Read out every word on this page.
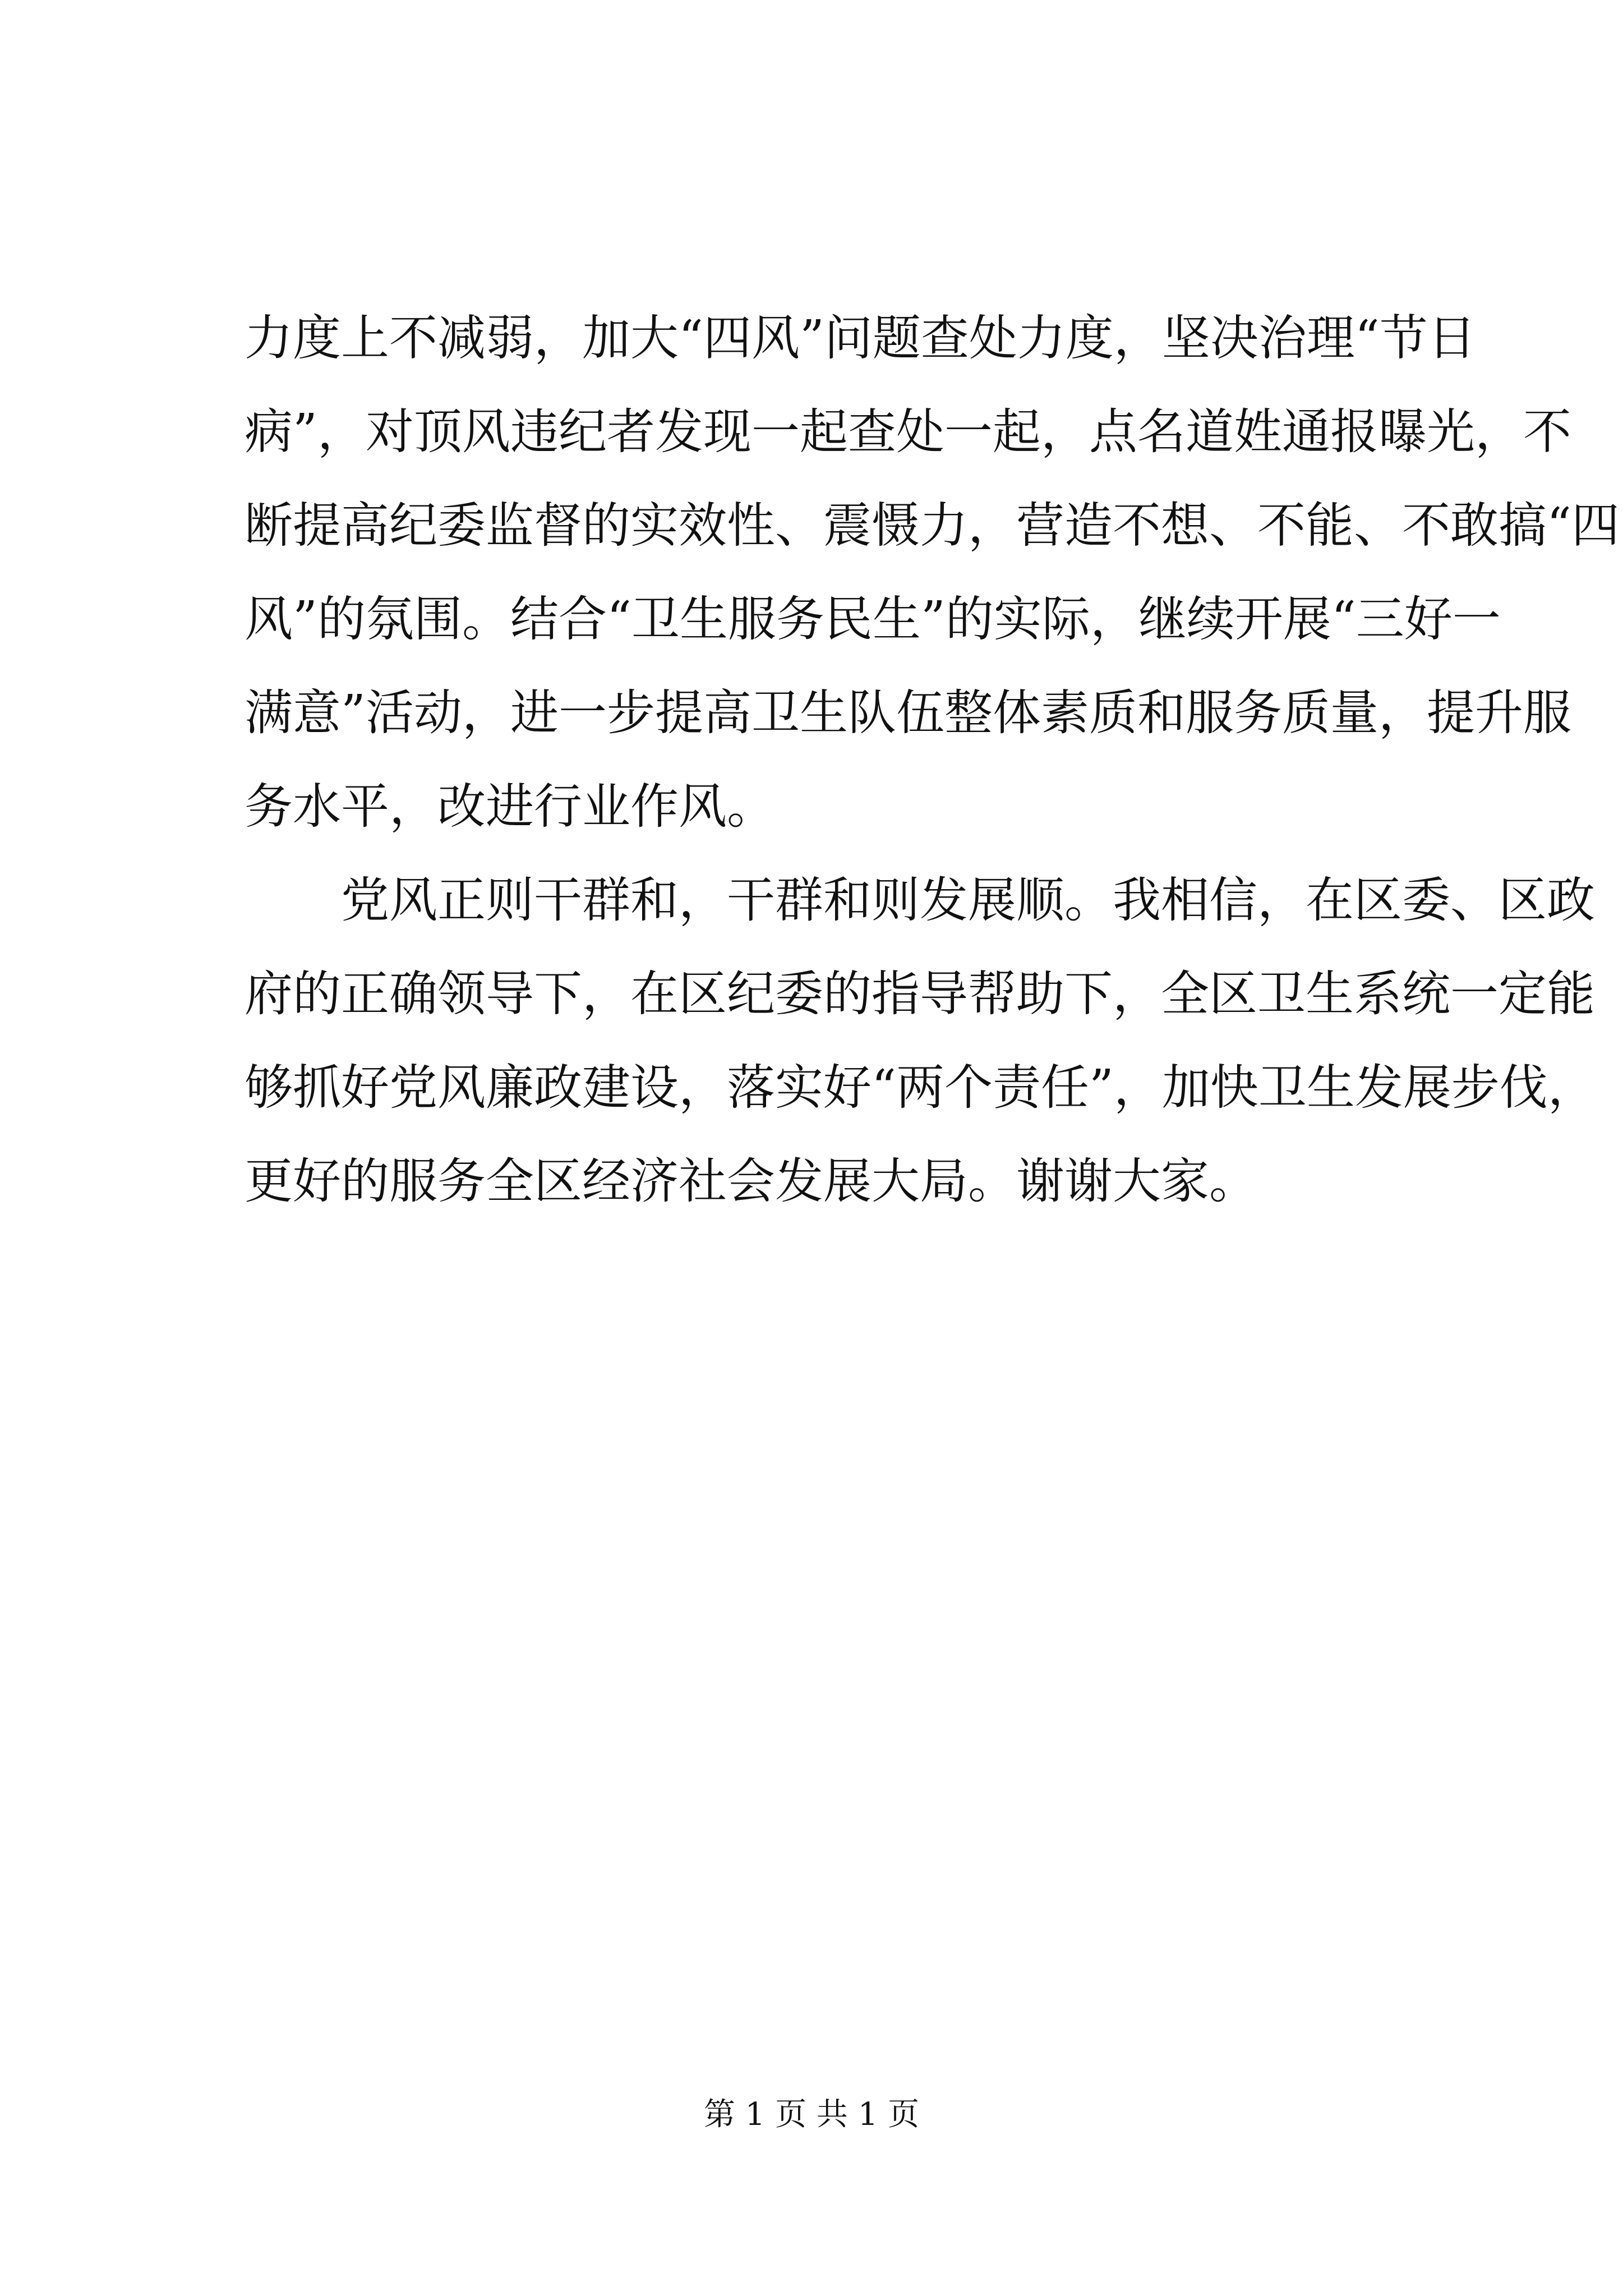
力度上不减弱，加大“四风”问题查处力度，坚决治理“节日
病”，对顶风违纪者发现一起查处一起，点名道姓通报曝光，不
断提高纪委监督的实效性、震慑力，营造不想、不能、不敢搞“四
风”的氛围。结合“卫生服务民生”的实际，继续开展“三好一
满意”活动，进一步提高卫生队伍整体素质和服务质量，提升服
务水平，改进行业作风。
党风正则干群和，干群和则发展顺。我相信，在区委、区政
府的正确领导下，在区纪委的指导帮助下，全区卫生系统一定能
够抓好党风廉政建设，落实好“两个责任”，加快卫生发展步伐，
更好的服务全区经济社会发展大局。谢谢大家。
第 1 页 共 1 页
